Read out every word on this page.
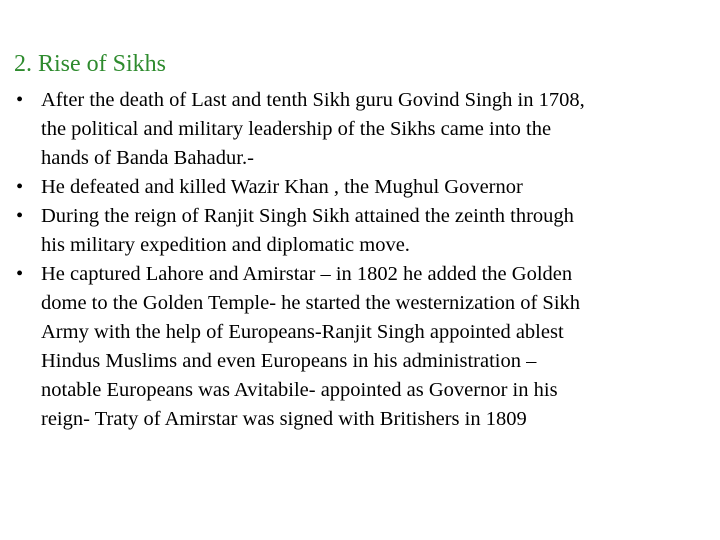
2. Rise of Sikhs
• After the death of Last and tenth Sikh guru Govind Singh in 1708,
the political and military leadership of the Sikhs came into the
hands of Banda Bahadur.-
• He defeated and killed Wazir Khan , the Mughul Governor
• During the reign of Ranjit Singh Sikh attained the zeinth through
his military expedition and diplomatic move.
• He captured Lahore and Amirstar – in 1802 he added the Golden
dome to the Golden Temple- he started the westernization of Sikh
Army with the help of Europeans-Ranjit Singh appointed ablest
Hindus Muslims and even Europeans in his administration –
notable Europeans was Avitabile- appointed as Governor in his
reign- Traty of Amirstar was signed with Britishers in 1809
